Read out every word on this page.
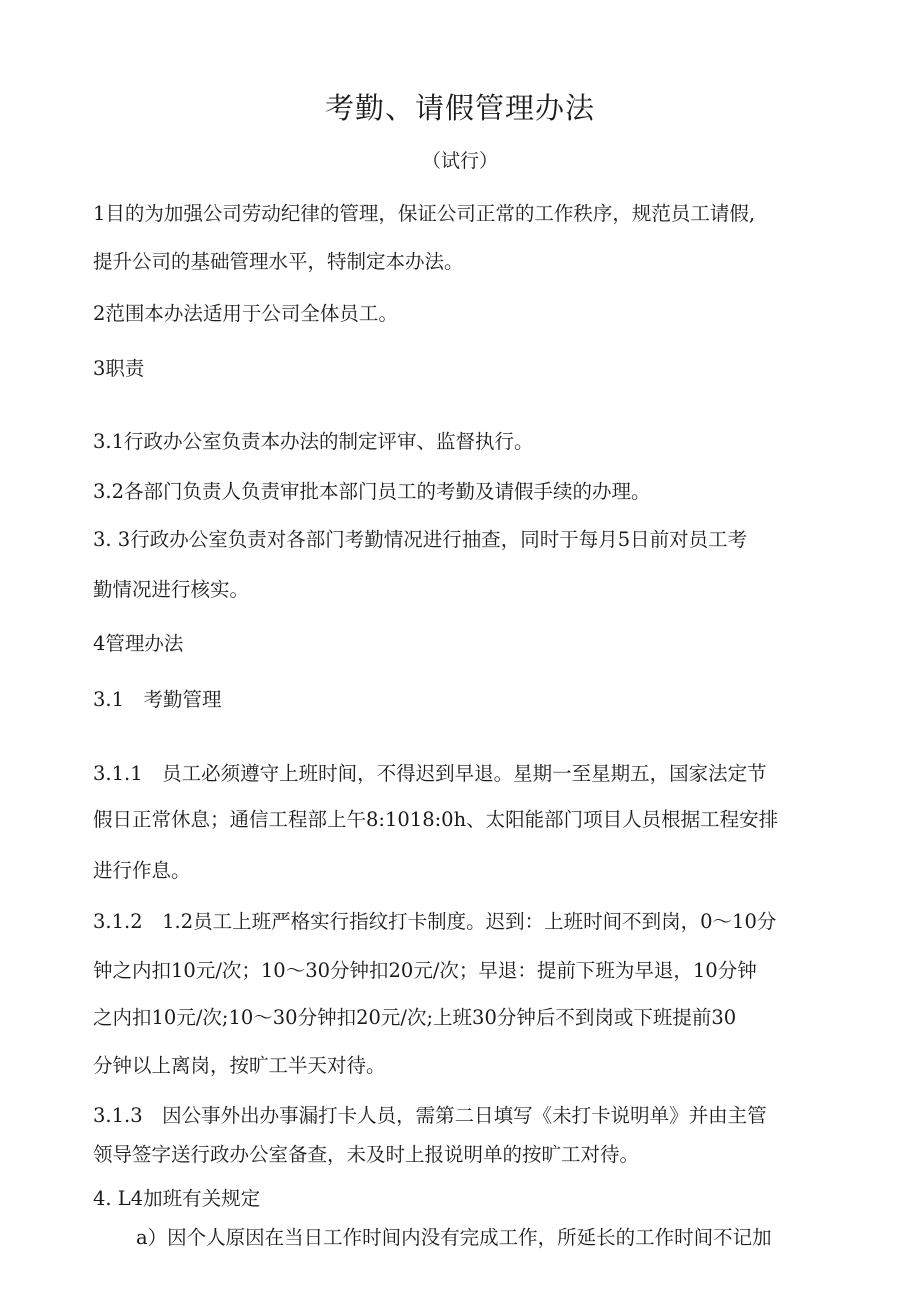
考勤、请假管理办法
（试行）

1目的为加强公司劳动纪律的管理，保证公司正常的工作秩序，规范员工请假,

提升公司的基础管理水平，特制定本办法。

2范围本办法适用于公司全体员工。

3职责

3.1行政办公室负责本办法的制定评审、监督执行。

3.2各部门负责人负责审批本部门员工的考勤及请假手续的办理。

3. 3行政办公室负责对各部门考勤情况进行抽查，同时于每月5日前对员工考

勤情况进行核实。

4管理办法

3.1　考勤管理

3.1.1　员工必须遵守上班时间，不得迟到早退。星期一至星期五，国家法定节

假日正常休息；通信工程部上午8:1018:0h、太阳能部门项目人员根据工程安排

进行作息。

3.1.2　1.2员工上班严格实行指纹打卡制度。迟到：上班时间不到岗，0～10分

钟之内扣10元/次；10～30分钟扣20元/次；早退：提前下班为早退，10分钟

之内扣10元/次;10～30分钟扣20元/次;上班30分钟后不到岗或下班提前30

分钟以上离岗，按旷工半天对待。

3.1.3　因公事外出办事漏打卡人员，需第二日填写《未打卡说明单》并由主管

领导签字送行政办公室备查，未及时上报说明单的按旷工对待。

4. L4加班有关规定

a）因个人原因在当日工作时间内没有完成工作，所延长的工作时间不记加
